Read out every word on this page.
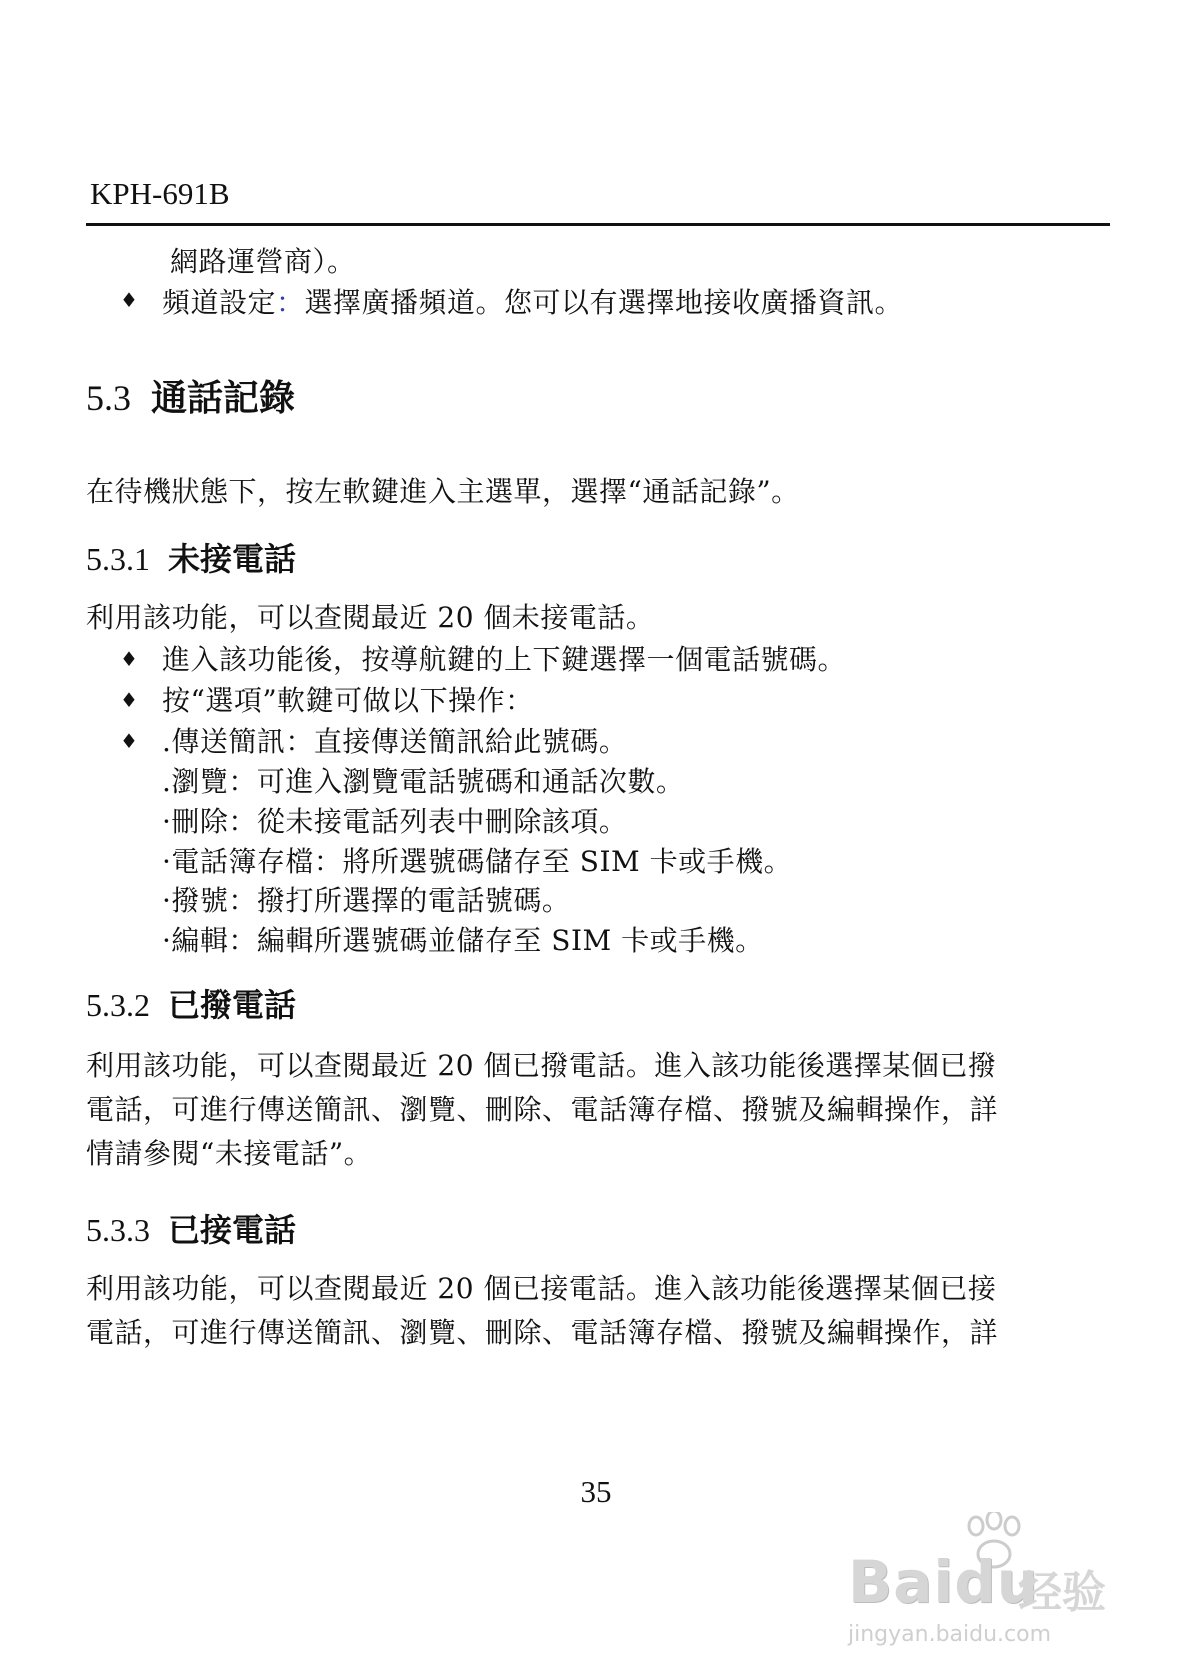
KPH-691B
網路運營商）。
♦ 頻道設定：選擇廣播頻道。您可以有選擇地接收廣播資訊。
5.3 通話記錄
在待機狀態下，按左軟鍵進入主選單，選擇“通話記錄”。
5.3.1 未接電話
利用該功能，可以查閱最近 20 個未接電話。
♦ 進入該功能後，按導航鍵的上下鍵選擇一個電話號碼。
♦ 按“選項”軟鍵可做以下操作：
♦ .傳送簡訊：直接傳送簡訊給此號碼。
.瀏覽：可進入瀏覽電話號碼和通話次數。
·刪除：從未接電話列表中刪除該項。
·電話簿存檔：將所選號碼儲存至 SIM 卡或手機。
·撥號：撥打所選擇的電話號碼。
·編輯：編輯所選號碼並儲存至 SIM 卡或手機。
5.3.2 已撥電話
利用該功能，可以查閱最近 20 個已撥電話。進入該功能後選擇某個已撥
電話，可進行傳送簡訊、瀏覽、刪除、電話簿存檔、撥號及編輯操作，詳
情請參閱“未接電話”。
5.3.3 已接電話
利用該功能，可以查閱最近 20 個已接電話。進入該功能後選擇某個已接
電話，可進行傳送簡訊、瀏覽、刪除、電話簿存檔、撥號及編輯操作，詳
35
Baidu
经验
jingyan.baidu.com
